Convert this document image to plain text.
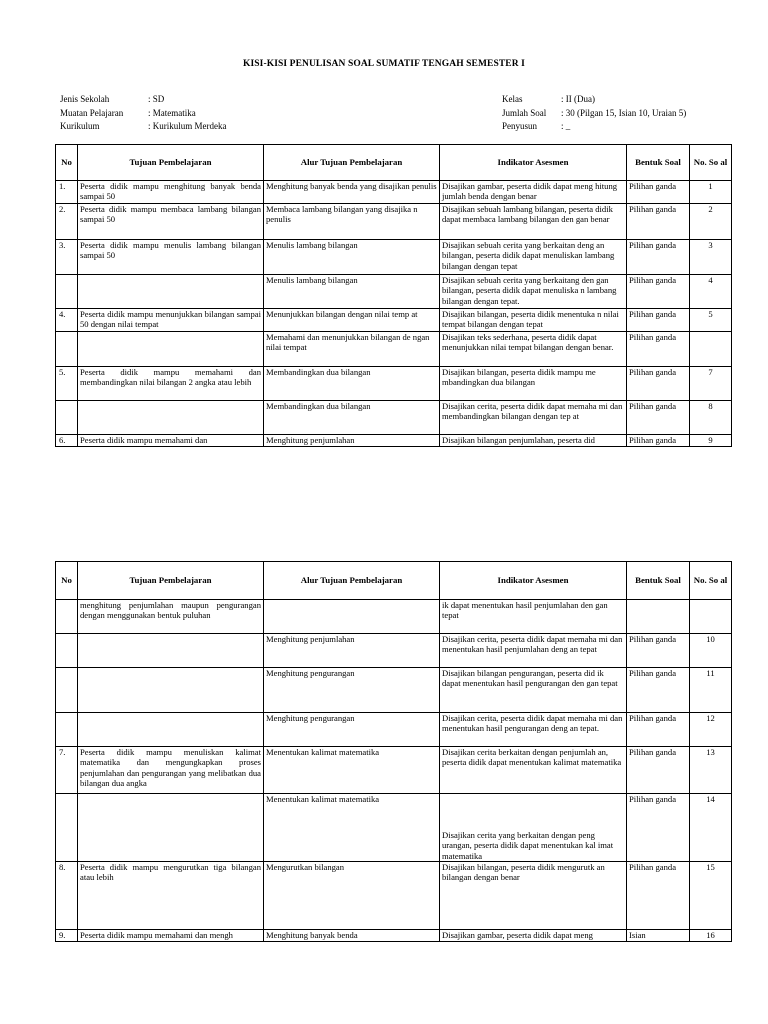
KISI-KISI PENULISAN SOAL SUMATIF TENGAH SEMESTER I
Jenis Sekolah	: SD
Muatan Pelajaran	: Matematika
Kurikulum	: Kurikulum Merdeka
Kelas	: II (Dua)
Jumlah Soal	: 30 (Pilgan 15, Isian 10, Uraian 5)
Penyusun	: _
No	Tujuan Pembelajaran	Alur Tujuan Pembelajaran	Indikator Asesmen	Bentuk Soal	No. So al
1.	Peserta didik mampu menghitung banyak benda sampai 50	Menghitung banyak benda yang disajikan penulis	Disajikan gambar, peserta didik dapat meng hitung jumlah benda dengan benar	Pilihan ganda	1
2.	Peserta didik mampu membaca lambang bilangan sampai 50	Membaca lambang bilangan yang disajika n penulis	Disajikan sebuah lambang bilangan, peserta didik dapat membaca lambang bilangan den gan benar	Pilihan ganda	2
3.	Peserta didik mampu menulis lambang bilangan sampai 50	Menulis lambang bilangan	Disajikan sebuah cerita yang berkaitan deng an bilangan, peserta didik dapat menuliskan lambang bilangan dengan tepat	Pilihan ganda	3
		Menulis lambang bilangan	Disajikan sebuah cerita yang berkaitang den gan bilangan, peserta didik dapat menuliska n lambang bilangan dengan tepat.	Pilihan ganda	4
4.	Peserta didik mampu menunjukkan bilangan sampai 50 dengan nilai tempat	Menunjukkan bilangan dengan nilai temp at	Disajikan bilangan, peserta didik menentuka n nilai tempat bilangan dengan tepat	Pilihan ganda	5
		Memahami dan menunjukkan bilangan de ngan nilai tempat	Disajikan teks sederhana, peserta didik dapat menunjukkan nilai tempat bilangan dengan benar.	Pilihan ganda	
5.	Peserta didik mampu memahami dan membandingkan nilai bilangan 2 angka atau lebih	Membandingkan dua bilangan	Disajikan bilangan, peserta didik mampu me mbandingkan dua bilangan	Pilihan ganda	7
		Membandingkan dua bilangan	Disajikan cerita, peserta didik dapat memaha mi dan membandingkan bilangan dengan tep at	Pilihan ganda	8
6.	Peserta didik mampu memahami dan	Menghitung penjumlahan	Disajikan bilangan penjumlahan, peserta did	Pilihan ganda	9
No	Tujuan Pembelajaran	Alur Tujuan Pembelajaran	Indikator Asesmen	Bentuk Soal	No. So al
	menghitung penjumlahan maupun pengurangan dengan menggunakan bentuk puluhan		ik dapat menentukan hasil penjumlahan den gan tepat		
		Menghitung penjumlahan	Disajikan cerita, peserta didik dapat memaha mi dan menentukan hasil penjumlahan deng an tepat	Pilihan ganda	10
		Menghitung pengurangan	Disajikan bilangan pengurangan, peserta did ik dapat menentukan hasil pengurangan den gan tepat	Pilihan ganda	11
		Menghitung pengurangan	Disajikan cerita, peserta didik dapat memaha mi dan menentukan hasil pengurangan deng an tepat.	Pilihan ganda	12
7.	Peserta didik mampu menuliskan kalimat matematika dan mengungkapkan proses penjumlahan dan pengurangan yang melibatkan dua bilangan dua angka	Menentukan kalimat matematika	Disajikan cerita berkaitan dengan penjumlah an, peserta didik dapat menentukan kalimat matematika	Pilihan ganda	13
		Menentukan kalimat matematika	Disajikan cerita yang berkaitan dengan peng urangan, peserta didik dapat menentukan kal imat matematika	Pilihan ganda	14
8.	Peserta didik mampu mengurutkan tiga bilangan atau lebih	Mengurutkan bilangan	Disajikan bilangan, peserta didik mengurutk an bilangan dengan benar	Pilihan ganda	15
9.	Peserta didik mampu memahami dan mengh	Menghitung banyak benda	Disajikan gambar, peserta didik dapat meng	Isian	16
